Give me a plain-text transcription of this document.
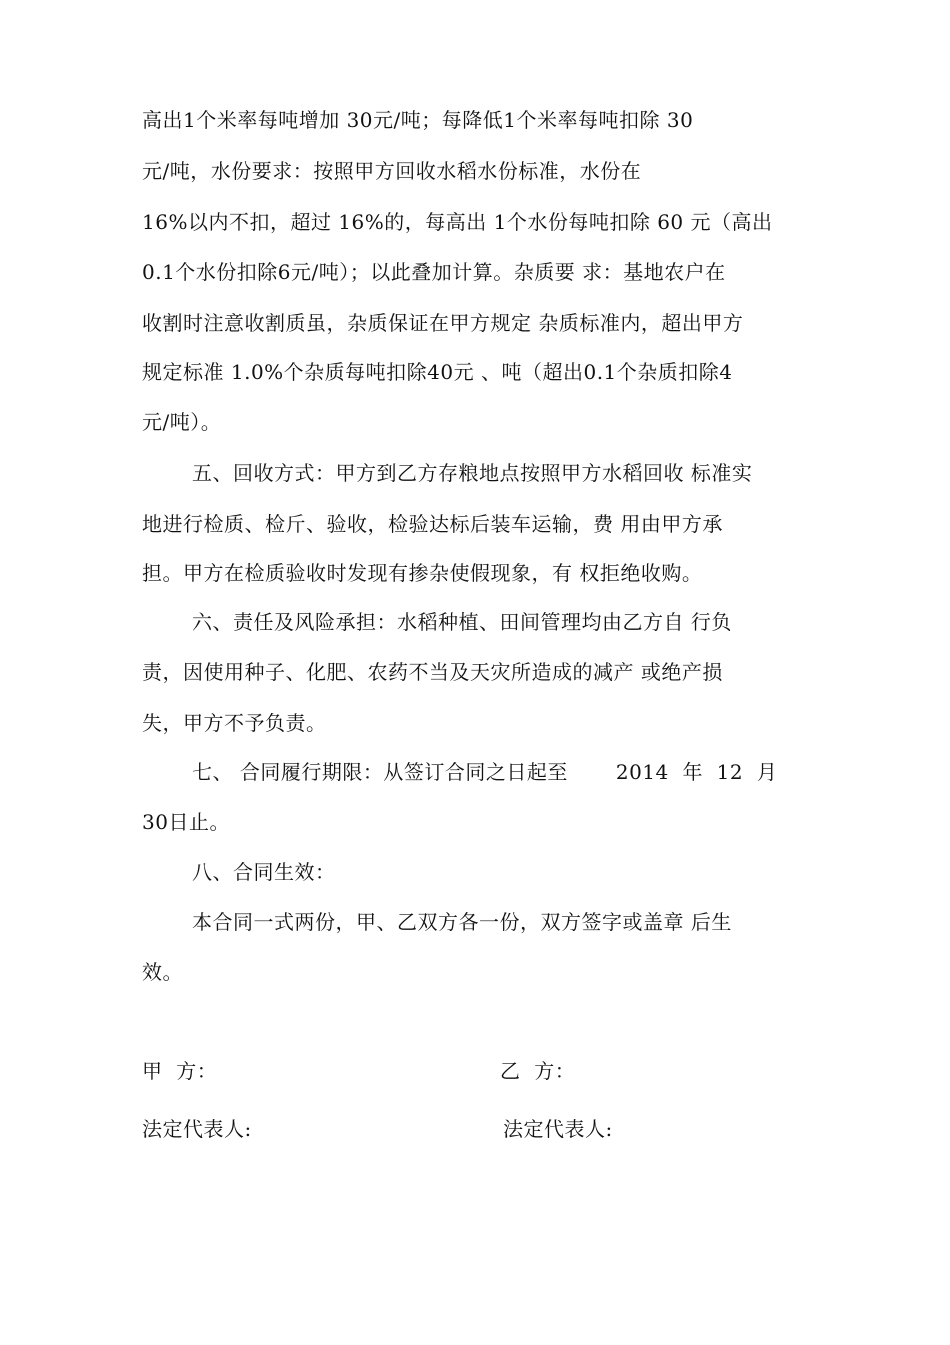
高出1个米率每吨增加 30元/吨；每降低1个米率每吨扣除 30
元/吨，水份要求：按照甲方回收水稻水份标准，水份在
16%以内不扣，超过 16%的，每高出 1个水份每吨扣除 60 元（高出
0.1个水份扣除6元/吨）；以此叠加计算。杂质要 求：基地农户在
收割时注意收割质虽，杂质保证在甲方规定 杂质标准内，超出甲方
规定标准 1.0%个杂质每吨扣除40元 、吨（超出0.1个杂质扣除4
元/吨）。
五、回收方式：甲方到乙方存粮地点按照甲方水稻回收 标准实
地进行检质、检斤、验收，检验达标后装车运输，费 用由甲方承
担。甲方在检质验收时发现有掺杂使假现象，有 权拒绝收购。
六、责任及风险承担：水稻种植、田间管理均由乙方自 行负
责，因使用种子、化肥、农药不当及天灾所造成的减产 或绝产损
失，甲方不予负责。
七、 合同履行期限：从签订合同之日起至       2014  年  12  月
30日止。
八、合同生效：
本合同一式两份，甲、乙双方各一份，双方签字或盖章 后生
效。
甲  方：	乙  方：
法定代表人:	法定代表人:
